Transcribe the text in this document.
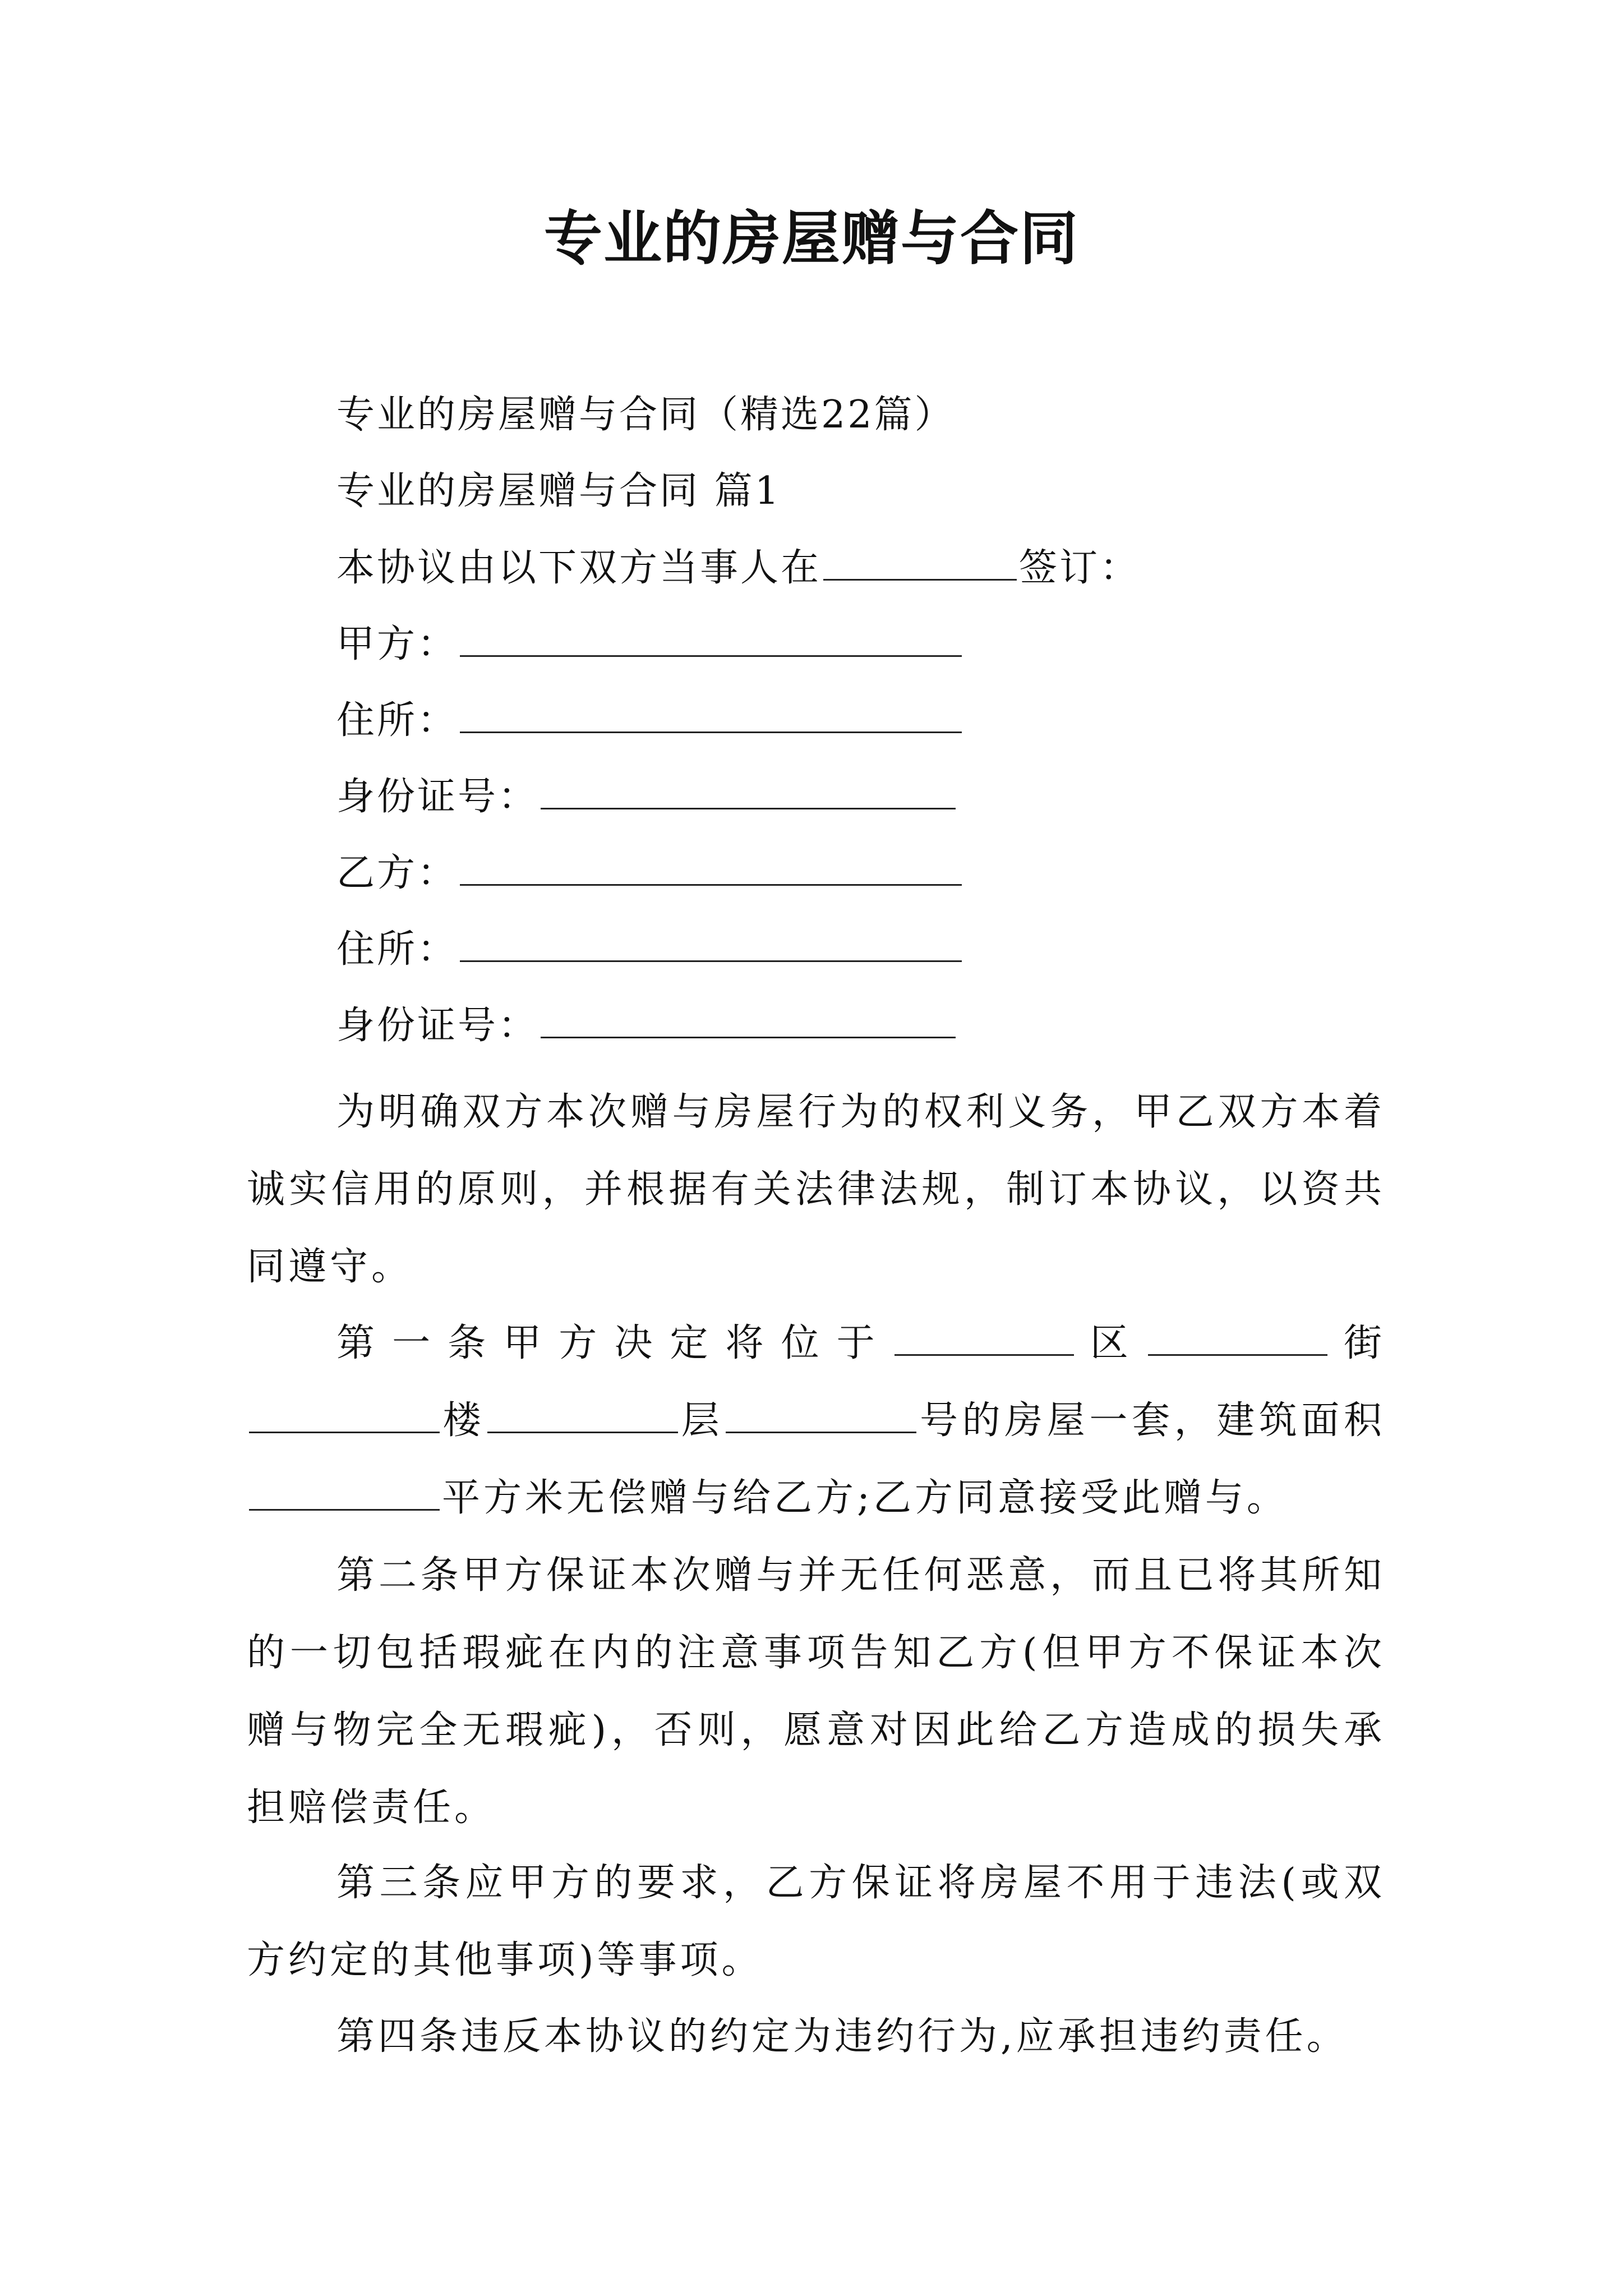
专业的房屋赠与合同
专业的房屋赠与合同（精选22篇）
专业的房屋赠与合同 篇1
本协议由以下双方当事人在	签订：
甲方：
住所：
身份证号：
乙方：
住所：
身份证号：
为明确双方本次赠与房屋行为的权利义务，甲乙双方本着诚实信用的原则，并根据有关法律法规，制订本协议，以资共同遵守。
第一条甲方决定将位于	区	街楼	层	号的房屋一套，建筑面积平方米无偿赠与给乙方;乙方同意接受此赠与。
第二条甲方保证本次赠与并无任何恶意，而且已将其所知的一切包括瑕疵在内的注意事项告知乙方(但甲方不保证本次赠与物完全无瑕疵)，否则，愿意对因此给乙方造成的损失承担赔偿责任。
第三条应甲方的要求，乙方保证将房屋不用于违法(或双方约定的其他事项)等事项。
第四条违反本协议的约定为违约行为,应承担违约责任。
